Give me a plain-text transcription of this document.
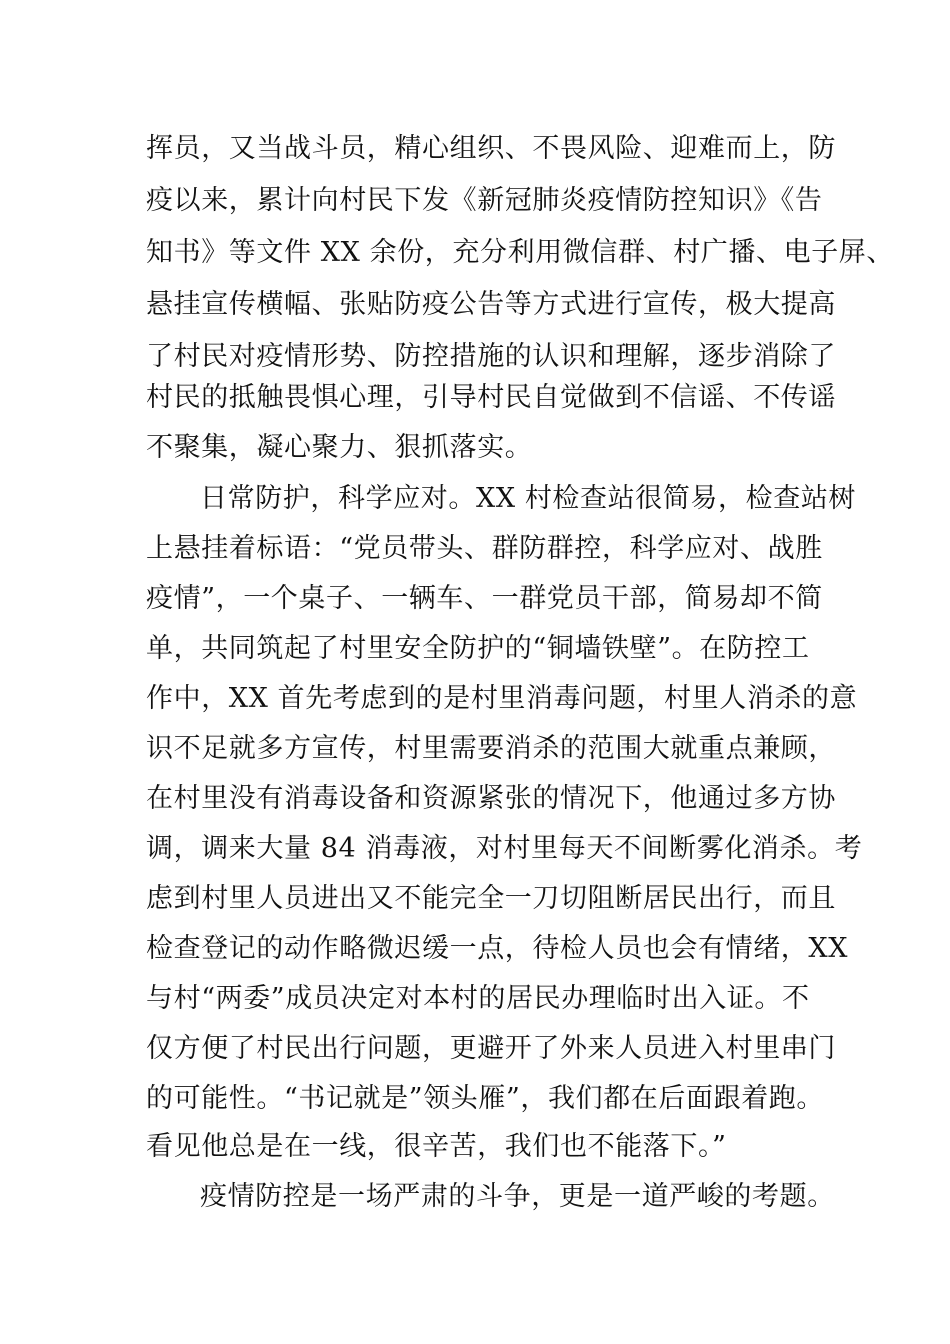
挥员，又当战斗员，精心组织、不畏风险、迎难而上，防
疫以来，累计向村民下发《新冠肺炎疫情防控知识》《告
知书》等文件 XX 余份，充分利用微信群、村广播、电子屏、
悬挂宣传横幅、张贴防疫公告等方式进行宣传，极大提高
了村民对疫情形势、防控措施的认识和理解，逐步消除了
村民的抵触畏惧心理，引导村民自觉做到不信谣、不传谣
不聚集，凝心聚力、狠抓落实。
日常防护，科学应对。XX 村检查站很简易，检查站树
上悬挂着标语：“党员带头、群防群控，科学应对、战胜
疫情”，一个桌子、一辆车、一群党员干部，简易却不简
单，共同筑起了村里安全防护的“铜墙铁壁”。在防控工
作中，XX 首先考虑到的是村里消毒问题，村里人消杀的意
识不足就多方宣传，村里需要消杀的范围大就重点兼顾，
在村里没有消毒设备和资源紧张的情况下，他通过多方协
调，调来大量 84 消毒液，对村里每天不间断雾化消杀。考
虑到村里人员进出又不能完全一刀切阻断居民出行，而且
检查登记的动作略微迟缓一点，待检人员也会有情绪，XX
与村“两委”成员决定对本村的居民办理临时出入证。不
仅方便了村民出行问题，更避开了外来人员进入村里串门
的可能性。“书记就是”领头雁”，我们都在后面跟着跑。
看见他总是在一线，很辛苦，我们也不能落下。”
疫情防控是一场严肃的斗争，更是一道严峻的考题。
